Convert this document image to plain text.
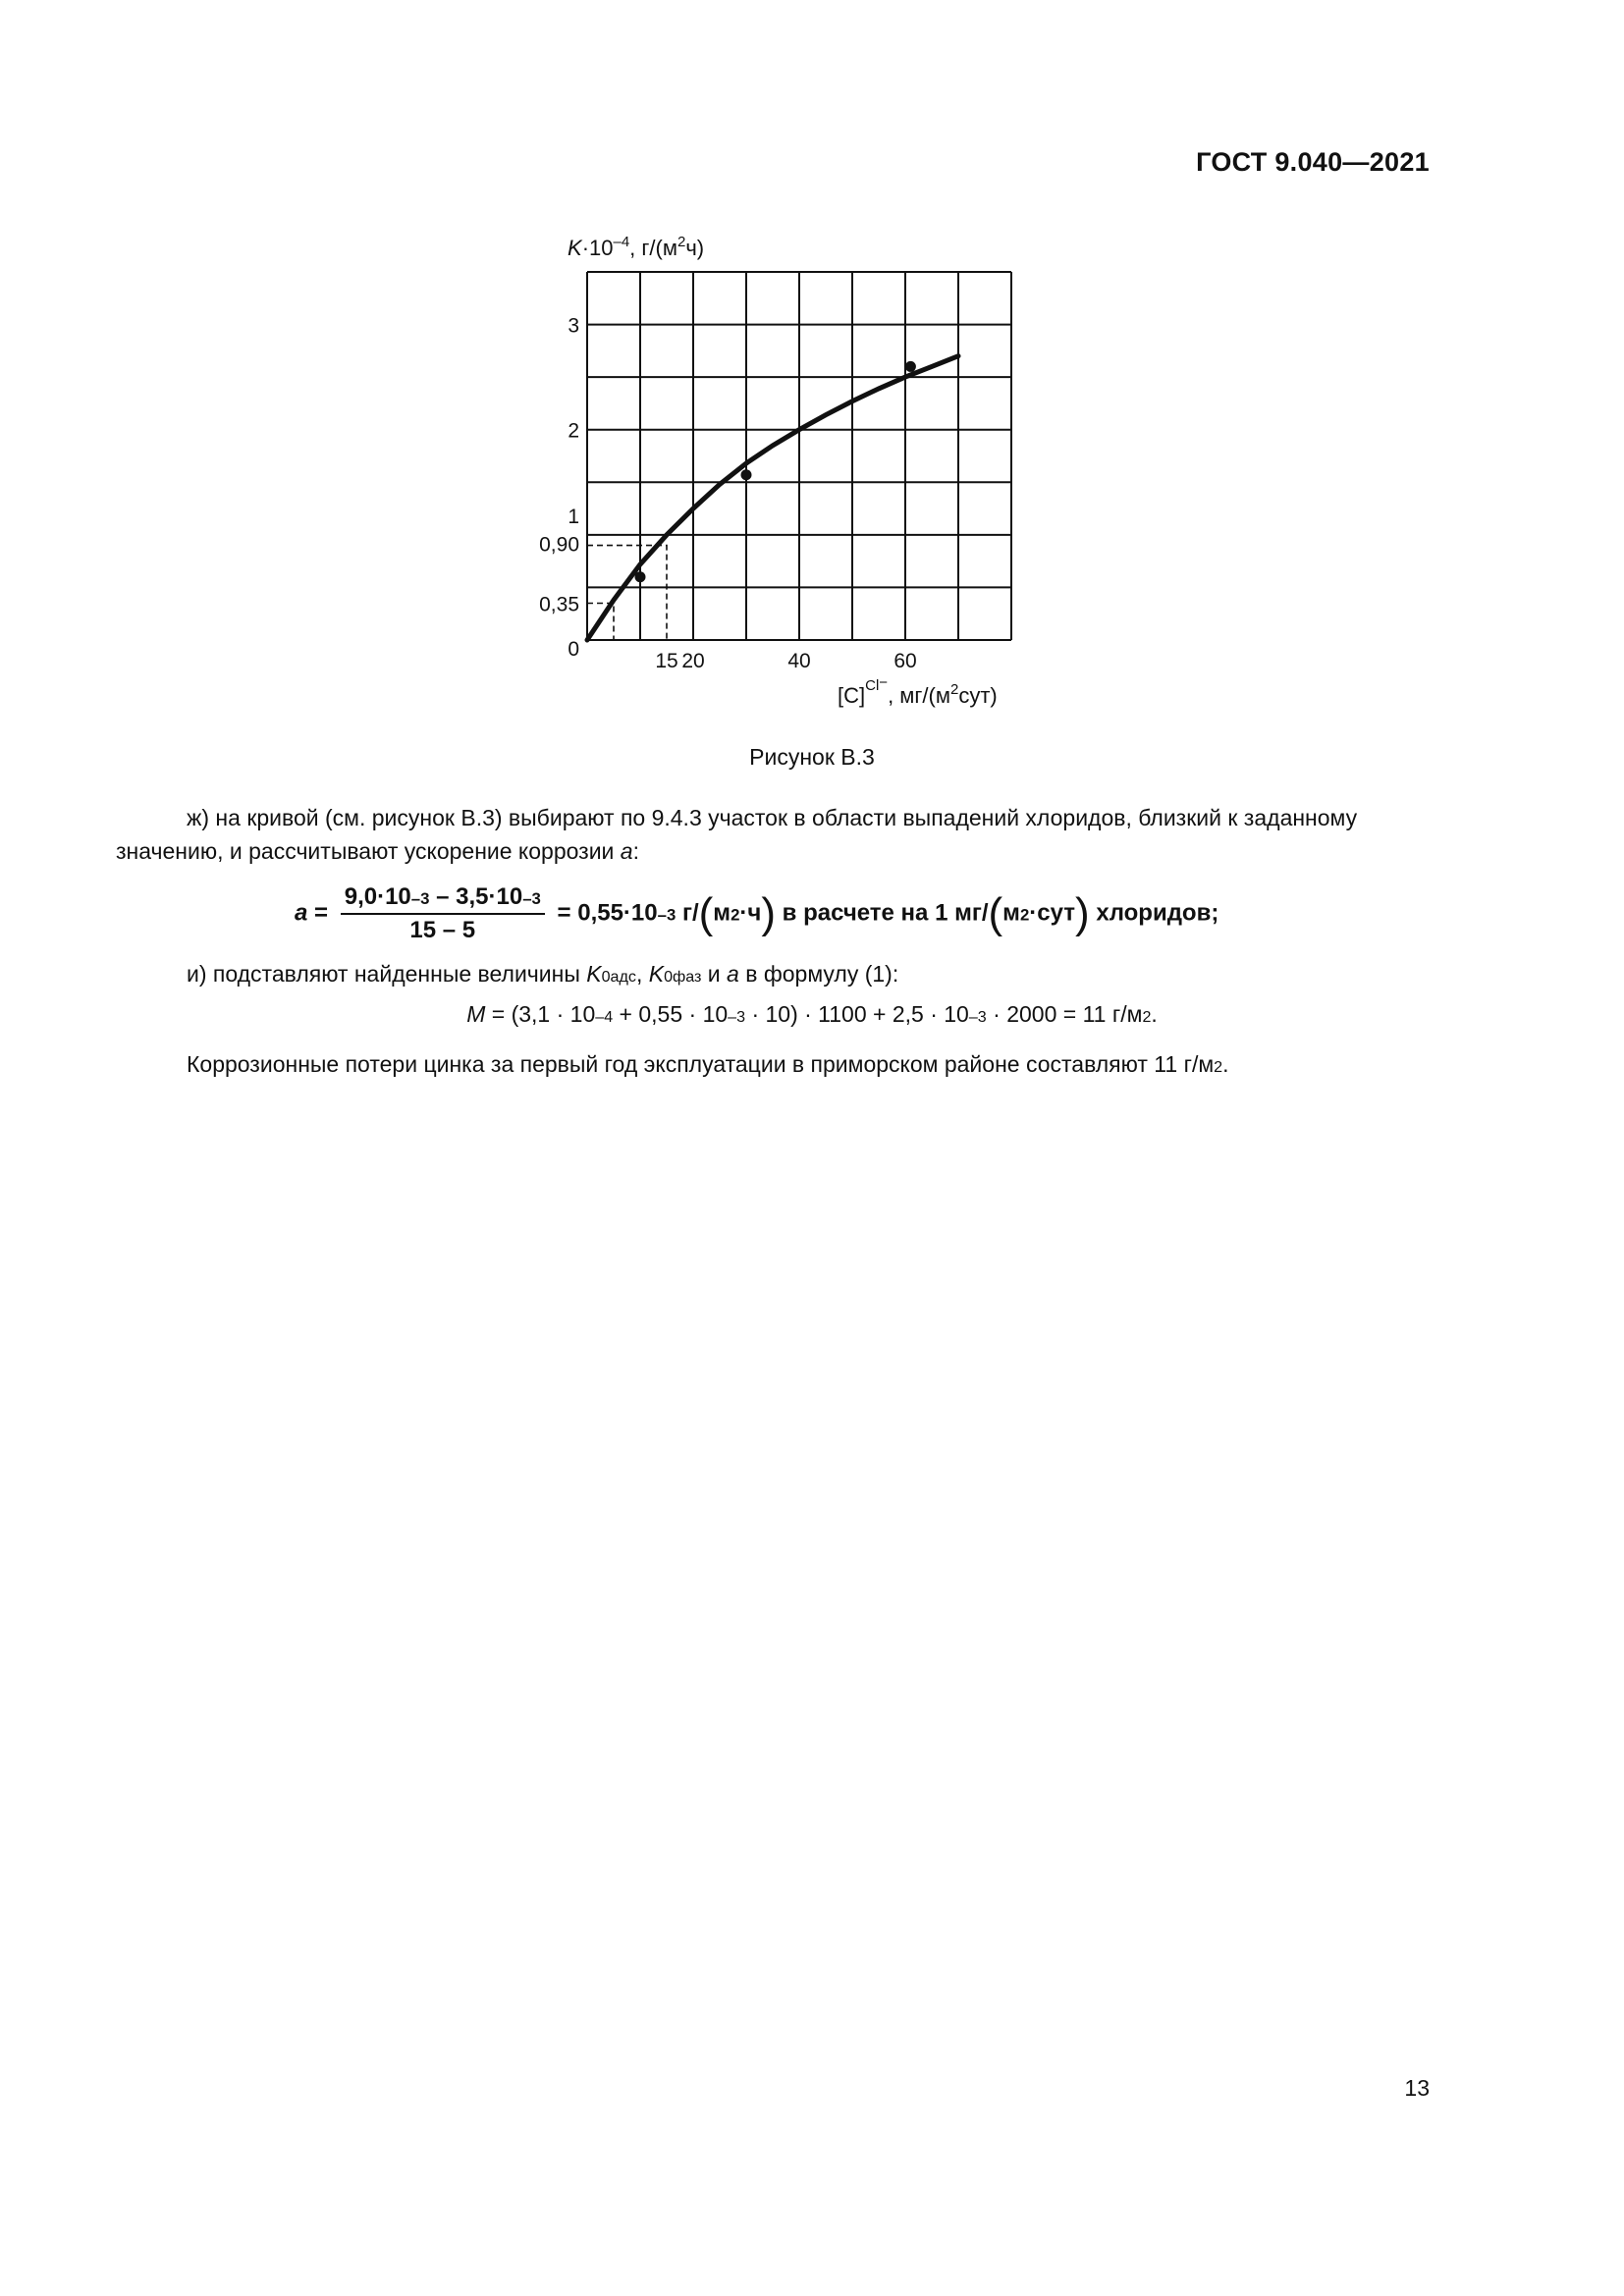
ГОСТ 9.040—2021
0
0,35
0,90
1
2
3
15 20	40	60
$K\cdot 10^{-4}$, $г/(м^2ч)$
$[C]^{Cl}-$, $мг/(м^2сут)$
Рисунок В.3
ж) на кривой (см. рисунок В.3) выбирают по 9.4.3 участок в области выпадений хлоридов, близкий к заданному значению, и рассчитывают ускорение коррозии a:
$a = \frac{9,0\cdot 10^{-3} - 3,5\cdot 10^{-3}}{15 - 5} = 0,55\cdot 10^{-3}$ $г/(м^2\cdot ч)$ в расчете на 1 $мг/(м^2\cdot сут)$ хлоридов;
и) подставляют найденные величины $K^0_{адс}$, $K^0_{фаз}$ и a в формулу (1):
$M = (3,1 \cdot 10^{-4} + 0,55 \cdot 10^{-3} \cdot 10) \cdot 1100 + 2,5 \cdot 10^{-3} \cdot 2000 = 11$ $г/м^2$.
Коррозионные потери цинка за первый год эксплуатации в приморском районе составляют 11 $г/м^2$.
13
